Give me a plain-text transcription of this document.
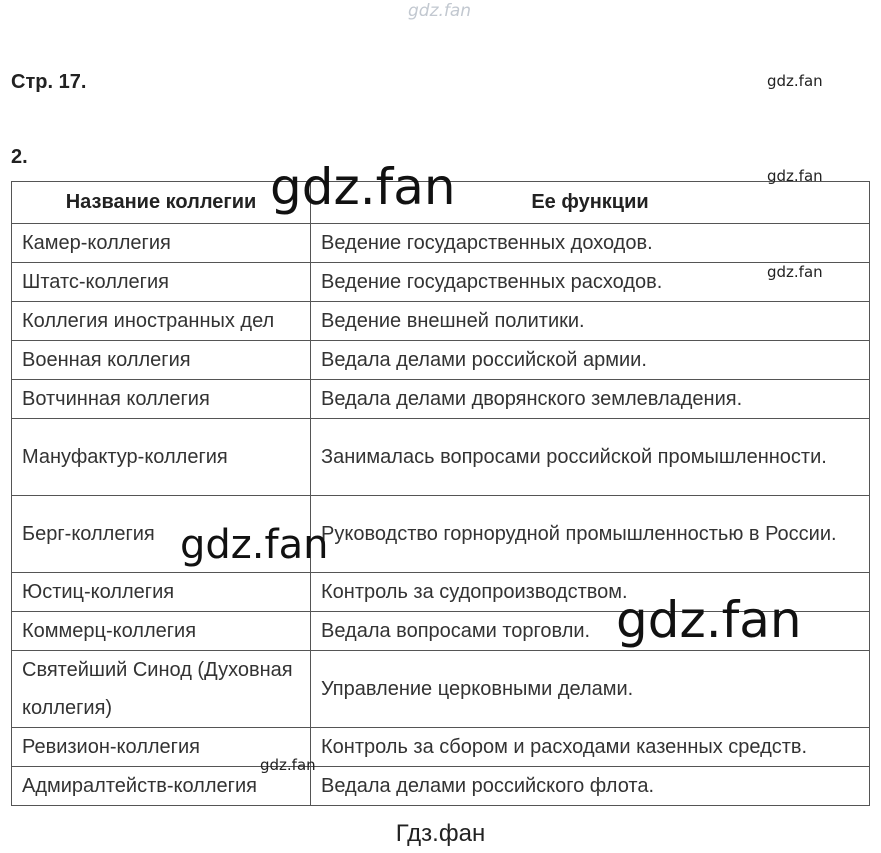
gdz.fan
Стр. 17.
2.
Название коллегии	Ее функции
Камер-коллегия	Ведение государственных доходов.
Штатс-коллегия	Ведение государственных расходов.
Коллегия иностранных дел	Ведение внешней политики.
Военная коллегия	Ведала делами российской армии.
Вотчинная коллегия	Ведала делами дворянского землевладения.
Мануфактур-коллегия	Занималась вопросами российской промышленности.

Берг-коллегия	Руководство горнорудной промышленностью в России.

Юстиц-коллегия	Контроль за судопроизводством.
Коммерц-коллегия	Ведала вопросами торговли.

Святейший Синод (Духовная коллегия)	Управление церковными делами.
Ревизион-коллегия	Контроль за сбором и расходами казенных средств.
Адмиралтейств-коллегия	Ведала делами российского флота.
gdz.fan
gdz.fan
gdz.fan
gdz.fan
gdz.fan
gdz.fan
gdz.fan
Гдз.фан
